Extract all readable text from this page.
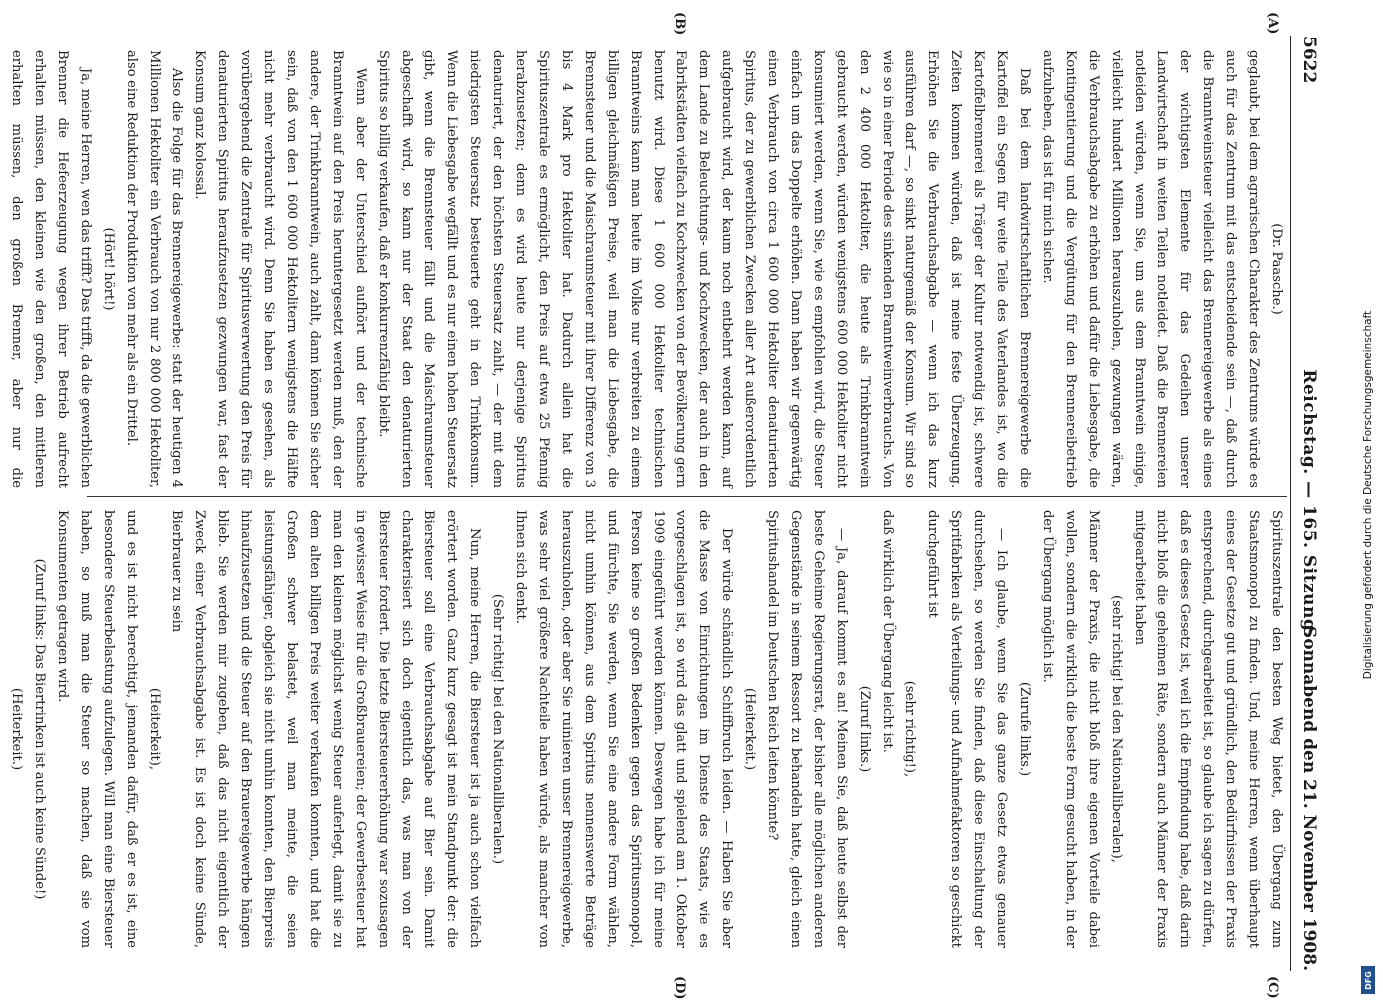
5622
Reichstag. — 165. Sitzung.
Sonnabend den 21. November 1908.
(A)
(B)
(C)
(D)

(Dr. Paasche.)

geglaubt, bei dem agrarischen Charakter des Zentrums würde es auch für das Zentrum mit das entscheidende sein —, daß durch die Branntweinsteuer vielleicht das Brennereigewerbe als eines der wichtigsten Elemente für das Gedeihen unserer Landwirtschaft in weiten Teilen notleidet. Daß die Brennereien notleiden würden, wenn Sie, um aus dem Branntwein einige, vielleicht hundert Millionen herauszuholen, gezwungen wären, die Verbrauchsabgabe zu erhöhen und dafür die Liebesgabe, die Kontingentierung und die Vergütung für den Brennereibetrieb aufzuheben, das ist für mich sicher.

Daß bei dem landwirtschaftlichen Brennereigewerbe die Kartoffel ein Segen für weite Teile des Vaterlandes ist, wo die Kartoffelbrennerei als Träger der Kultur notwendig ist, schwere Zeiten kommen würden, daß ist meine feste Überzeugung. Erhöhen Sie die Verbrauchsabgabe — wenn ich das kurz ausführen darf —, so sinkt naturgemäß der Konsum. Wir sind so wie so in einer Periode des sinkenden Branntweinverbrauchs. Von den 2 400 000 Hektoliter, die heute als Trinkbranntwein gebraucht werden, würden wenigstens 600 000 Hektoliter nicht konsumiert werden, wenn Sie, wie es empfohlen wird, die Steuer einfach um das Doppelte erhöhen. Dann haben wir gegenwärtig einen Verbrauch von circa 1 600 000 Hektoliter denaturierten Spiritus, der zu gewerblichen Zwecken aller Art außerordentlich aufgebraucht wird, der kaum noch entbehrt werden kann, auf dem Lande zu Beleuchtungs- und Kochzwecken, der auch in den Fabrikstädten vielfach zu Kochzwecken von der Bevölkerung gern benutzt wird. Diese 1 600 000 Hektoliter technischen Branntweins kann man heute im Volke nur verbreiten zu einem billigen gleichmäßigen Preise, weil man die Liebesgabe, die Brennsteuer und die Maischraumsteuer mit ihrer Differenz von 3 bis 4 Mark pro Hektoliter hat. Dadurch allein hat die Spirituszentrale es ermöglicht, den Preis auf etwa 25 Pfennig herabzusetzen; denn es wird heute nur derjenige Spiritus denaturiert, der den höchsten Steuersatz zahlt, — der mit dem niedrigsten Steuersatz besteuerte geht in den Trinkkonsum. Wenn die Liebesgabe wegfällt und es nur einen hohen Steuersatz gibt, wenn die Brennsteuer fällt und die Maischraumsteuer abgeschafft wird, so kann nur der Staat den denaturierten Spiritus so billig verkaufen, daß er konkurrenzfähig bleibt.

Wenn aber der Unterschied aufhört und der technische Branntwein auf den Preis heruntergesetzt werden muß, den der andere, der Trinkbranntwein, auch zahlt, dann können Sie sicher sein, daß von den 1 600 000 Hektolitern wenigstens die Hälfte nicht mehr verbraucht wird. Denn Sie haben es gesehen, als vorübergehend die Zentrale für Spiritusverwertung den Preis für denaturierten Spiritus heraufzusetzen gezwungen war, fast der Konsum ganz kolossal.

Also die Folge für das Brennereigewerbe: statt der heutigen 4 Millionen Hektoliter ein Verbrauch von nur 2 800 000 Hektoliter, also eine Reduktion der Produktion von mehr als ein Drittel.

(Hört! hört!)

Ja, meine Herren, wen das trifft? Das trifft, da die gewerblichen Brenner die Hefeerzeugung wegen ihrer Betrieb aufrecht erhalten müssen, den kleinen wie den großen, den mittleren erhalten müssen, den großen Brenner, aber nur die

Spirituszentrale den besten Weg bietet, den Übergang zum Staatsmonopol zu finden. Und, meine Herren, wenn überhaupt eines der Gesetze gut und gründlich, den Bedürfnissen der Praxis entsprechend, durchgearbeitet ist, so glaube ich sagen zu dürfen, daß es dieses Gesetz ist, weil ich die Empfindung habe, daß darin nicht bloß die geheimen Räte, sondern auch Männer der Praxis mitgearbeitet haben

(sehr richtig! bei den Nationalliberalen),

Männer der Praxis, die nicht bloß ihre eigenen Vorteile dabei wollen, sondern die wirklich die beste Form gesucht haben, in der der Übergang möglich ist.

(Zurufe links.)

— Ich glaube, wenn Sie das ganze Gesetz etwas genauer durchsehen, so werden Sie finden, daß diese Einschaltung der Spritfabriken als Verteilungs- und Aufnahmefaktoren so geschickt durchgeführt ist

(sehr richtig!),

daß wirklich der Übergang leicht ist.

(Zuruf links.)

— Ja, darauf kommt es an! Meinen Sie, daß heute selbst der beste Geheime Regierungsrat, der bisher alle möglichen anderen Gegenstände in seinem Ressort zu behandeln hatte, gleich einen Spiritushandel im Deutschen Reich leiten könnte?

(Heiterkeit.)

Der würde schändlich Schiffbruch leiden. — Haben Sie aber die Masse von Einrichtungen im Dienste des Staats, wie es vorgeschlagen ist, so wird das glatt und spielend am 1. Oktober 1909 eingeführt werden können. Deswegen habe ich für meine Person keine so großen Bedenken gegen das Spiritusmonopol, und fürchte, Sie werden, wenn Sie eine andere Form wählen, nicht umhin können, aus dem Spiritus nennenswerte Beträge herauszuholen, oder aber Sie ruinieren unser Brennereigewerbe, was sehr viel größere Nachteile haben würde, als mancher von Ihnen sich denkt.

(Sehr richtig! bei den Nationalliberalen.)

Nun, meine Herren, die Biersteuer ist ja auch schon vielfach erörtert worden. Ganz kurz gesagt ist mein Standpunkt der: die Biersteuer soll eine Verbrauchsabgabe auf Bier sein. Damit charakterisiert sich doch eigentlich das, was man von der Biersteuer fordert. Die letzte Biersteuererhöhung war sozusagen in gewisser Weise für die Großbrauereien; der Gewerbesteuer hat man den kleinen möglichst wenig Steuer auferlegt, damit sie zu dem alten billigen Preis weiter verkaufen konnten, und hat die Großen schwer belastet, weil man meinte, die seien leistungsfähiger, obgleich sie nicht umhin konnten, den Bierpreis hinaufzusetzen und die Steuer auf den Brauereigewerbe hängen blieb. Sie werden mir zugeben, daß das nicht eigentlich der Zweck einer Verbrauchsabgabe ist. Es ist doch keine Sünde, Bierbrauer zu sein

(Heiterkeit),

und es ist nicht berechtigt, jemanden dafür, daß er es ist, eine besondere Steuerbelastung aufzulegen. Will man eine Biersteuer haben, so muß man die Steuer so machen, daß sie vom Konsumenten getragen wird.

(Zuruf links: Das Biertrinken ist auch keine Sünde!)

(Heiterkeit.)

Digitalisierung gefördert durch die Deutsche Forschungsgemeinschaft
DFG
